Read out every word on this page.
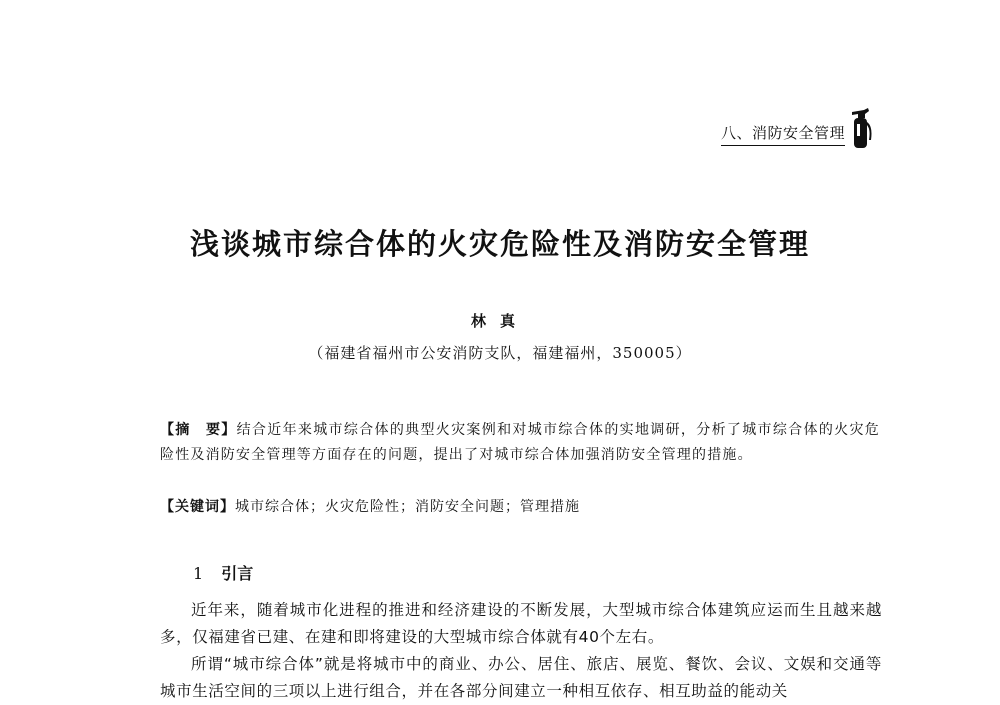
八、消防安全管理
浅谈城市综合体的火灾危险性及消防安全管理
林真
（福建省福州市公安消防支队，福建福州，350005）
【摘　要】结合近年来城市综合体的典型火灾案例和对城市综合体的实地调研，分析了城市综合体的火灾危险性及消防安全管理等方面存在的问题，提出了对城市综合体加强消防安全管理的措施。
【关键词】城市综合体；火灾危险性；消防安全问题；管理措施
1 引言

近年来，随着城市化进程的推进和经济建设的不断发展，大型城市综合体建筑应运而生且越来越多，仅福建省已建、在建和即将建设的大型城市综合体就有40个左右。

所谓“城市综合体”就是将城市中的商业、办公、居住、旅店、展览、餐饮、会议、文娱和交通等城市生活空间的三项以上进行组合，并在各部分间建立一种相互依存、相互助益的能动关
